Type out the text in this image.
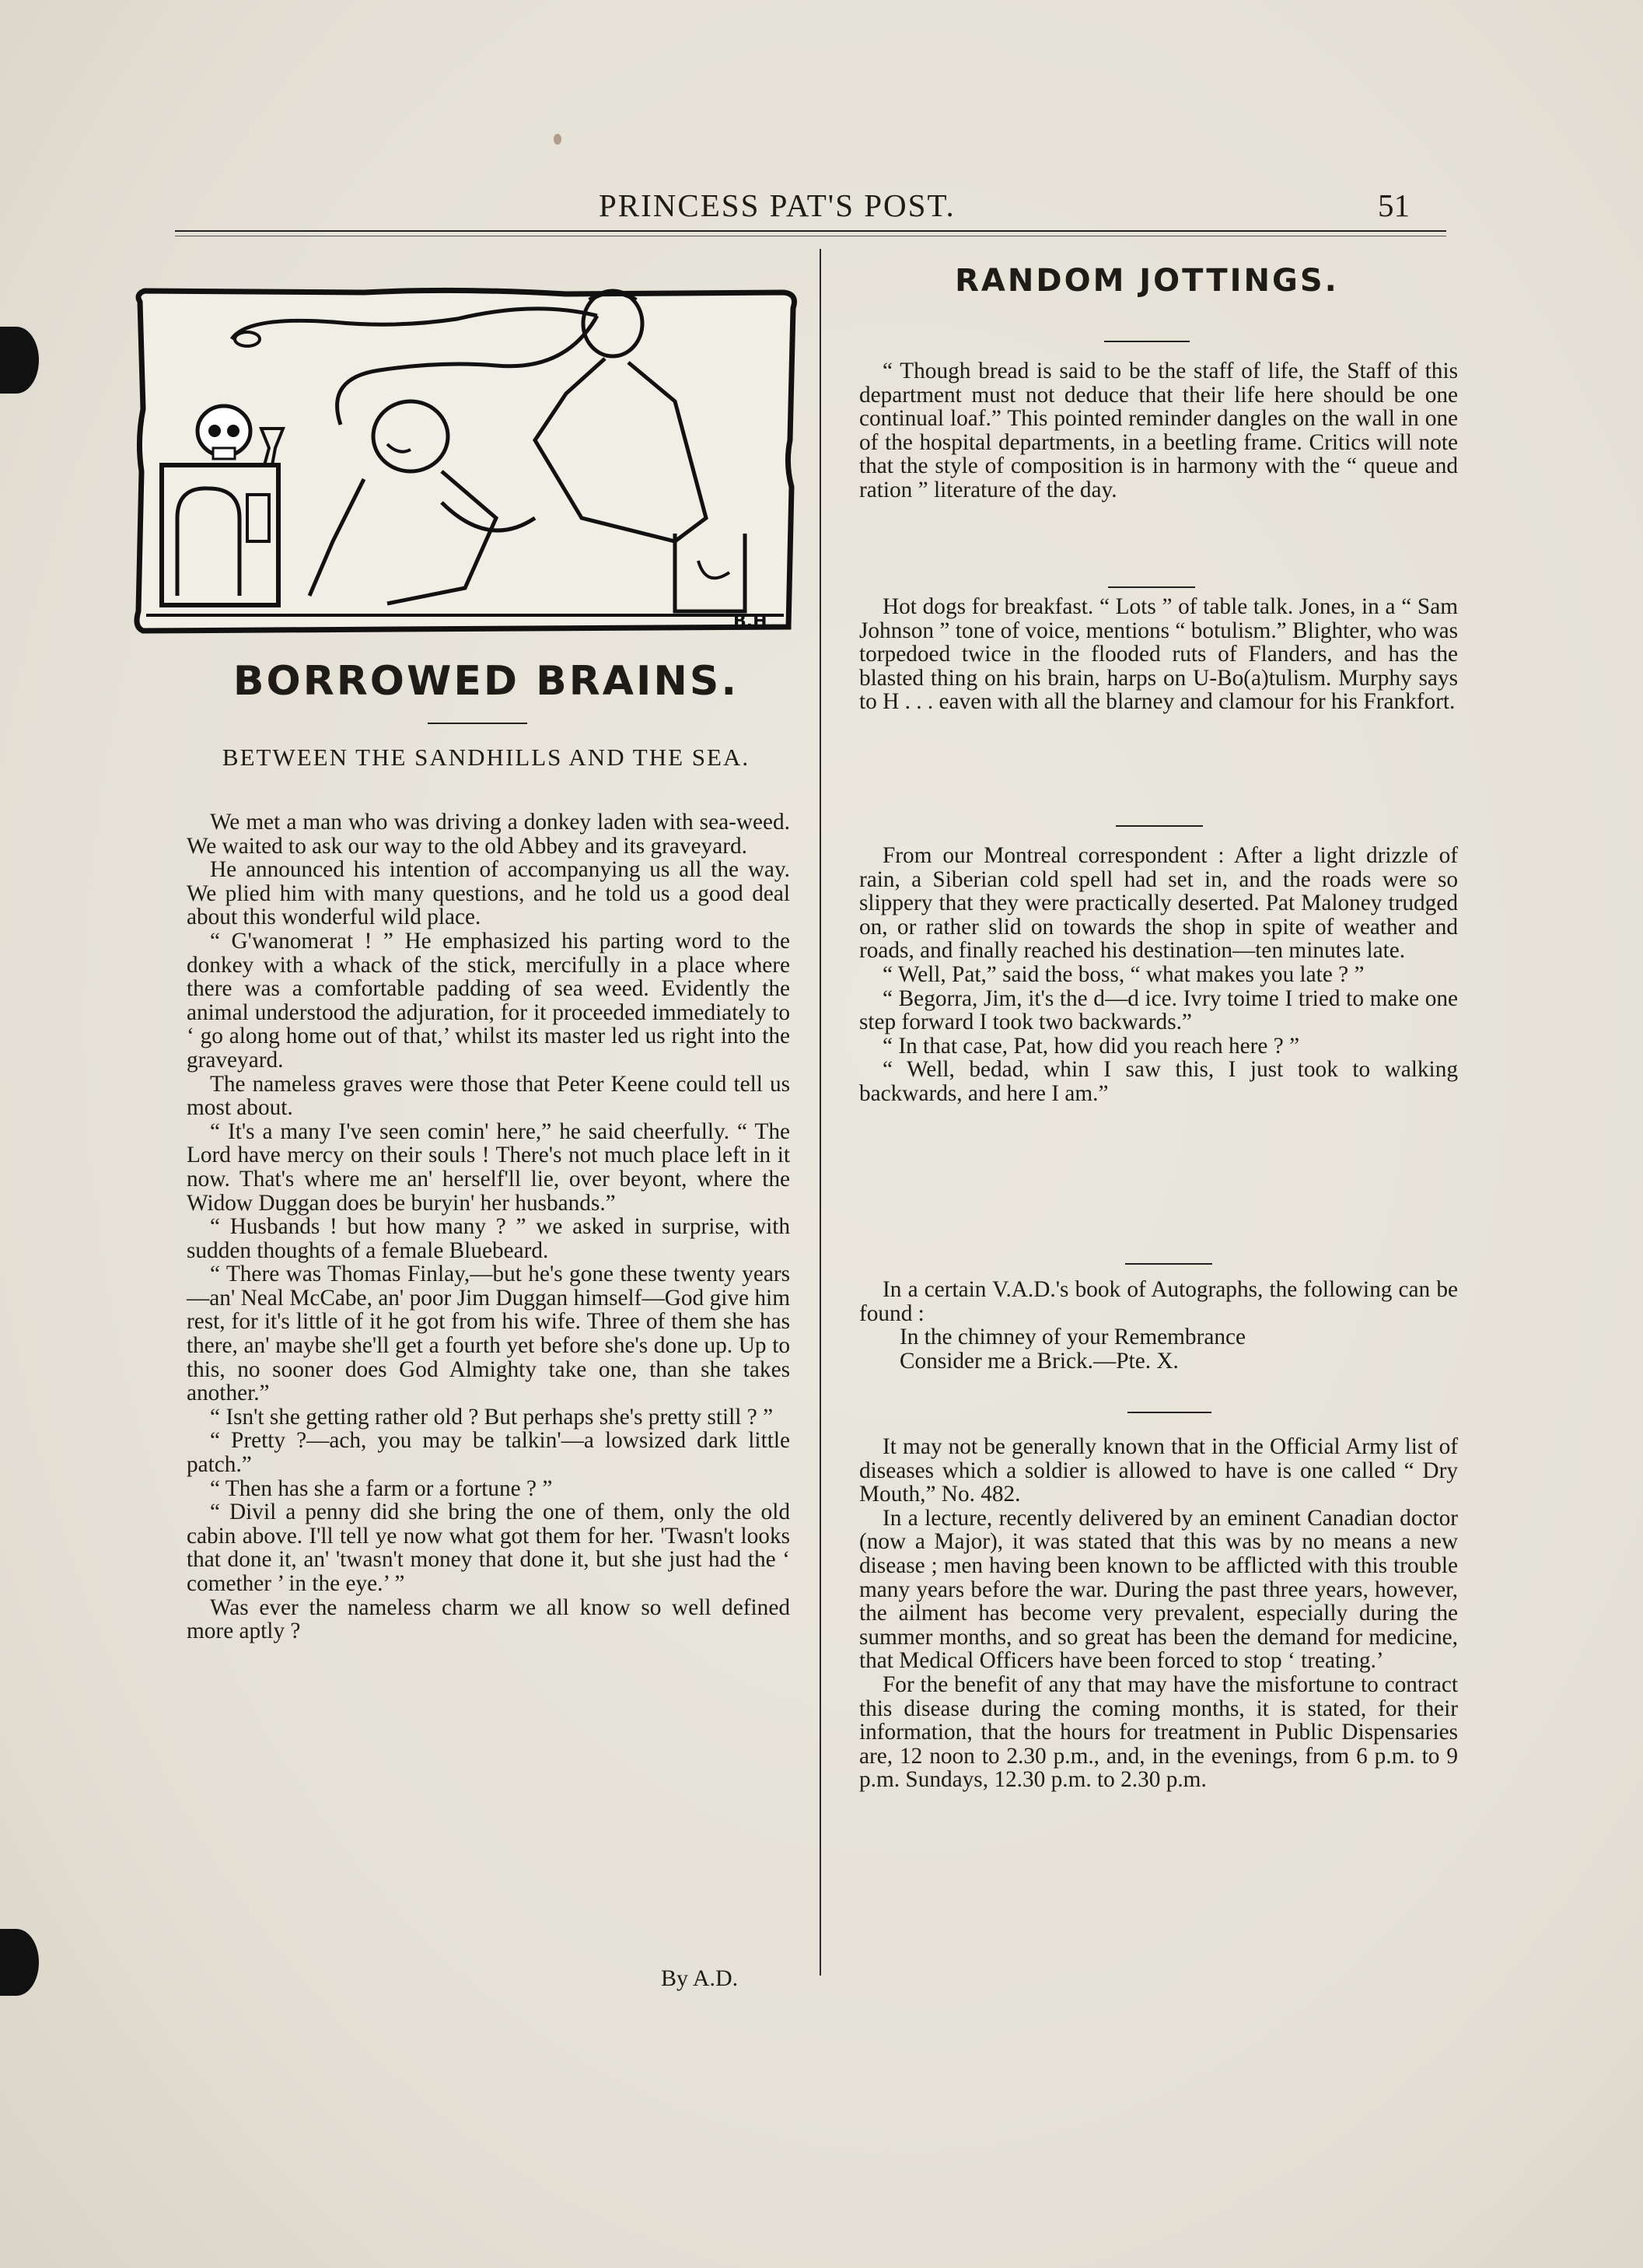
PRINCESS PAT'S POST.	51
B.H
BORROWED BRAINS.
BETWEEN THE SANDHILLS AND THE SEA.

We met a man who was driving a donkey laden with sea-weed. We waited to ask our way to the old Abbey and its graveyard.

He announced his intention of accompanying us all the way. We plied him with many questions, and he told us a good deal about this wonderful wild place.

“ G'wanomerat ! ” He emphasized his parting word to the donkey with a whack of the stick, mercifully in a place where there was a comfortable padding of sea weed. Evidently the animal understood the adjuration, for it proceeded immediately to ‘ go along home out of that,’ whilst its master led us right into the graveyard.

The nameless graves were those that Peter Keene could tell us most about.

“ It's a many I've seen comin' here,” he said cheerfully. “ The Lord have mercy on their souls ! There's not much place left in it now. That's where me an' herself'll lie, over beyont, where the Widow Duggan does be buryin' her husbands.”

“ Husbands ! but how many ? ” we asked in surprise, with sudden thoughts of a female Bluebeard.

“ There was Thomas Finlay,—but he's gone these twenty years—an' Neal McCabe, an' poor Jim Duggan himself—God give him rest, for it's little of it he got from his wife. Three of them she has there, an' maybe she'll get a fourth yet before she's done up. Up to this, no sooner does God Almighty take one, than she takes another.”

“ Isn't she getting rather old ? But perhaps she's pretty still ? ”

“ Pretty ?—ach, you may be talkin'—a lowsized dark little patch.”

“ Then has she a farm or a fortune ? ”

“ Divil a penny did she bring the one of them, only the old cabin above. I'll tell ye now what got them for her. 'Twasn't looks that done it, an' 'twasn't money that done it, but she just had the ‘ comether ’ in the eye.’ ”

Was ever the nameless charm we all know so well defined more aptly ?

By A.D.
RANDOM JOTTINGS.

“ Though bread is said to be the staff of life, the Staff of this department must not deduce that their life here should be one continual loaf.” This pointed reminder dangles on the wall in one of the hospital departments, in a beetling frame. Critics will note that the style of composition is in harmony with the “ queue and ration ” literature of the day.

Hot dogs for breakfast. “ Lots ” of table talk. Jones, in a “ Sam Johnson ” tone of voice, mentions “ botulism.” Blighter, who was torpedoed twice in the flooded ruts of Flanders, and has the blasted thing on his brain, harps on U-Bo(a)tulism. Murphy says to H . . . eaven with all the blarney and clamour for his Frankfort.

From our Montreal correspondent : After a light drizzle of rain, a Siberian cold spell had set in, and the roads were so slippery that they were practically deserted. Pat Maloney trudged on, or rather slid on towards the shop in spite of weather and roads, and finally reached his destination—ten minutes late.

“ Well, Pat,” said the boss, “ what makes you late ? ”

“ Begorra, Jim, it's the d—d ice. Ivry toime I tried to make one step forward I took two backwards.”

“ In that case, Pat, how did you reach here ? ”

“ Well, bedad, whin I saw this, I just took to walking backwards, and here I am.”

In a certain V.A.D.'s book of Autographs, the following can be found :

In the chimney of your Remembrance

Consider me a Brick.—Pte. X.

It may not be generally known that in the Official Army list of diseases which a soldier is allowed to have is one called “ Dry Mouth,” No. 482.

In a lecture, recently delivered by an eminent Canadian doctor (now a Major), it was stated that this was by no means a new disease ; men having been known to be afflicted with this trouble many years before the war. During the past three years, however, the ailment has become very prevalent, especially during the summer months, and so great has been the demand for medicine, that Medical Officers have been forced to stop ‘ treating.’

For the benefit of any that may have the misfortune to contract this disease during the coming months, it is stated, for their information, that the hours for treatment in Public Dispensaries are, 12 noon to 2.30 p.m., and, in the evenings, from 6 p.m. to 9 p.m. Sundays, 12.30 p.m. to 2.30 p.m.
